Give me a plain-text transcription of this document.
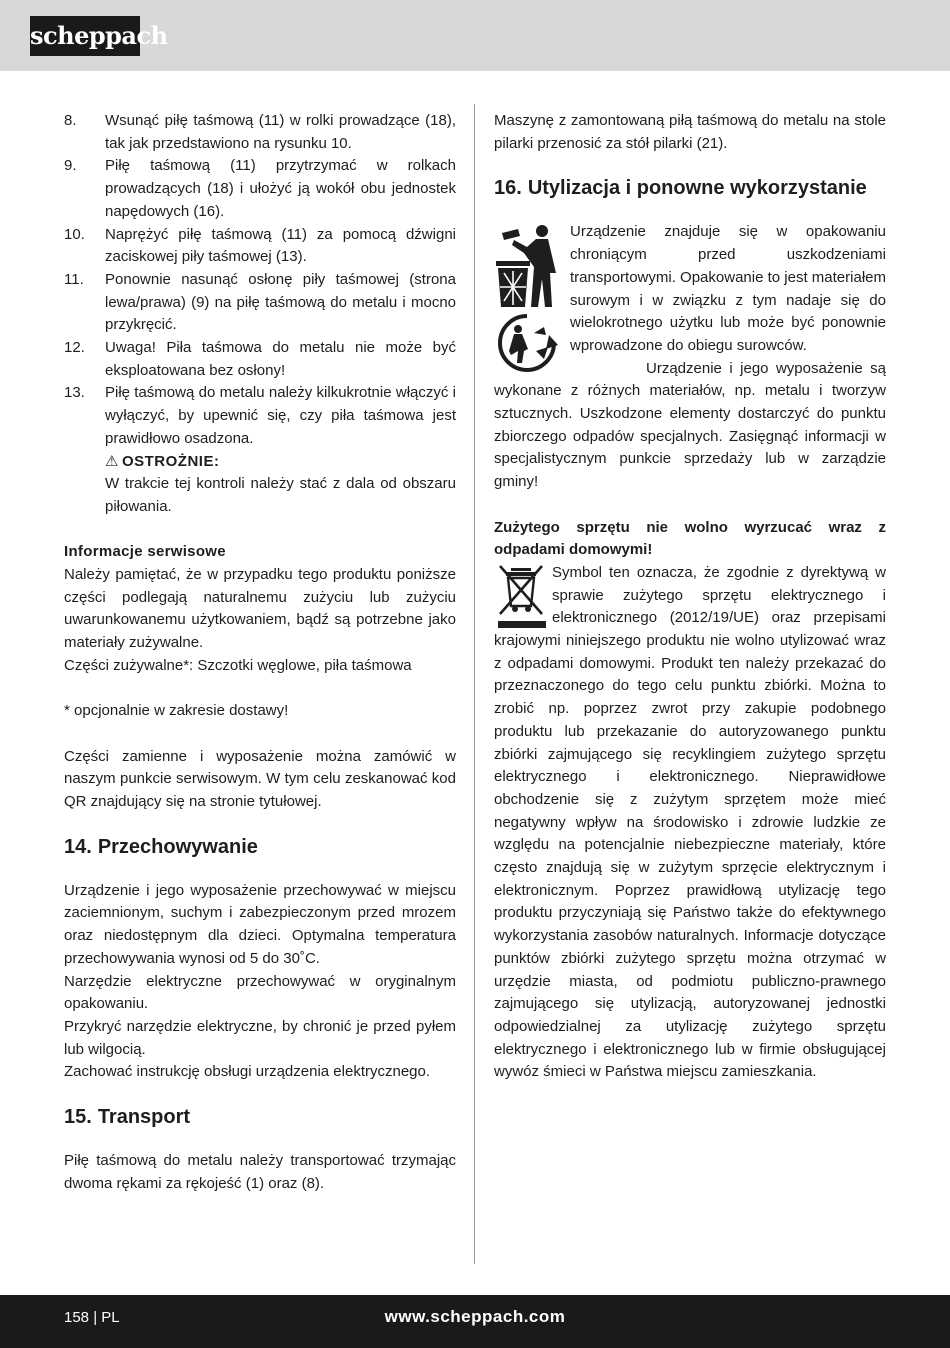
scheppach
8.	Wsunąć piłę taśmową (11) w rolki prowadzące (18), tak jak przedstawiono na rysunku 10.
9.	Piłę taśmową (11) przytrzymać w rolkach prowadzących (18) i ułożyć ją wokół obu jednostek napędowych (16).
10.	Naprężyć piłę taśmową (11) za pomocą dźwigni zaciskowej piły taśmowej (13).
11.	Ponownie nasunąć osłonę piły taśmowej (strona lewa/prawa) (9) na piłę taśmową do metalu i mocno przykręcić.
12.	Uwaga! Piła taśmowa do metalu nie może być eksploatowana bez osłony!
13.	Piłę taśmową do metalu należy kilkukrotnie włączyć i wyłączyć, by upewnić się, czy piła taśmowa jest prawidłowo osadzona.
⚠ OSTROŻNIE:

W trakcie tej kontroli należy stać z dala od obszaru piłowania.

Informacje serwisowe

Należy pamiętać, że w przypadku tego produktu poniższe części podlegają naturalnemu zużyciu lub zużyciu uwarunkowanemu użytkowaniem, bądź są potrzebne jako materiały zużywalne.

Części zużywalne*: Szczotki węglowe, piła taśmowa

* opcjonalnie w zakresie dostawy!

Części zamienne i wyposażenie można zamówić w naszym punkcie serwisowym. W tym celu zeskanować kod QR znajdujący się na stronie tytułowej.

14. Przechowywanie

Urządzenie i jego wyposażenie przechowywać w miejscu zaciemnionym, suchym i zabezpieczonym przed mrozem oraz niedostępnym dla dzieci. Optymalna temperatura przechowywania wynosi od 5 do 30˚C.

Narzędzie elektryczne przechowywać w oryginalnym opakowaniu.

Przykryć narzędzie elektryczne, by chronić je przed pyłem lub wilgocią.

Zachować instrukcję obsługi urządzenia elektrycznego.

15. Transport

Piłę taśmową do metalu należy transportować trzymając dwoma rękami za rękojeść (1) oraz (8).

Maszynę z zamontowaną piłą taśmową do metalu na stole pilarki przenosić za stół pilarki (21).

16. Utylizacja i ponowne wykorzystanie

Urządzenie znajduje się w opakowaniu chroniącym przed uszkodzeniami transportowymi. Opakowanie to jest materiałem surowym i w związku z tym nadaje się do wielokrotnego użytku lub może być ponownie wprowadzone do obiegu surowców.

Urządzenie i jego wyposażenie są wykonane z różnych materiałów, np. metalu i tworzyw sztucznych. Uszkodzone elementy dostarczyć do punktu zbiorczego odpadów specjalnych. Zasięgnąć informacji w specjalistycznym punkcie sprzedaży lub w zarządzie gminy!

Zużytego sprzętu nie wolno wyrzucać wraz z odpadami domowymi!

Symbol ten oznacza, że zgodnie z dyrektywą w sprawie zużytego sprzętu elektrycznego i elektronicznego (2012/19/UE) oraz przepisami krajowymi niniejszego produktu nie wolno utylizować wraz z odpadami domowymi. Produkt ten należy przekazać do przeznaczonego do tego celu punktu zbiórki. Można to zrobić np. poprzez zwrot przy zakupie podobnego produktu lub przekazanie do autoryzowanego punktu zbiórki zajmującego się recyklingiem zużytego sprzętu elektrycznego i elektronicznego. Nieprawidłowe obchodzenie się z zużytym sprzętem może mieć negatywny wpływ na środowisko i zdrowie ludzkie ze względu na potencjalnie niebezpieczne materiały, które często znajdują się w zużytym sprzęcie elektrycznym i elektronicznym. Poprzez prawidłową utylizację tego produktu przyczyniają się Państwo także do efektywnego wykorzystania zasobów naturalnych. Informacje dotyczące punktów zbiórki zużytego sprzętu można otrzymać w urzędzie miasta, od podmiotu publiczno-prawnego zajmującego się utylizacją, autoryzowanej jednostki odpowiedzialnej za utylizację zużytego sprzętu elektrycznego i elektronicznego lub w firmie obsługującej wywóz śmieci w Państwa miejscu zamieszkania.

158 | PL	www.scheppach.com
